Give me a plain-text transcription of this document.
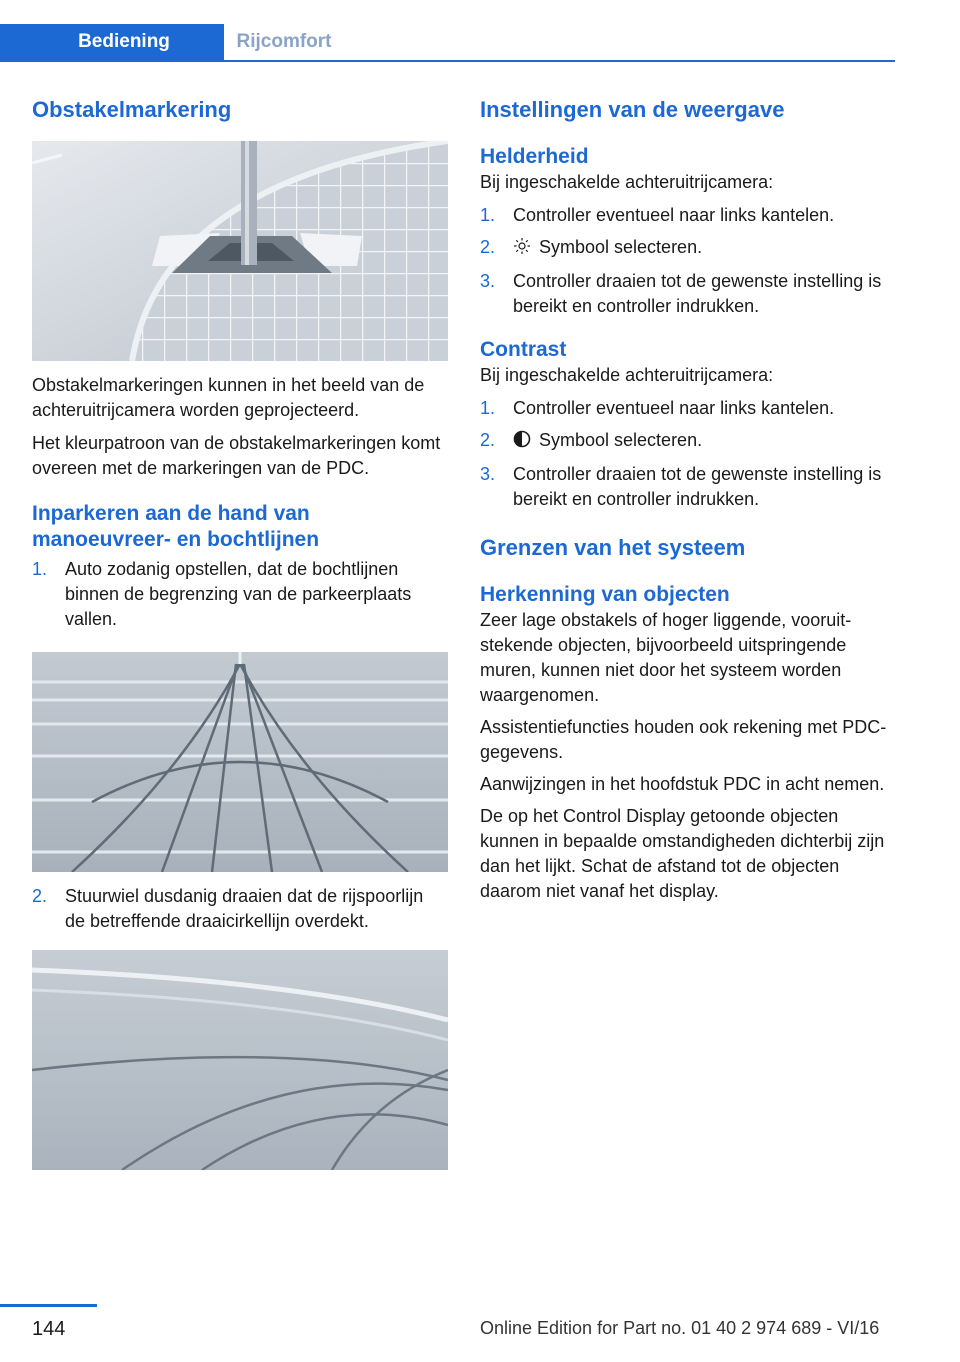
Bediening	Rijcomfort
Obstakelmarkering

Obstakelmarkeringen kunnen in het beeld van de achteruitrijcamera worden geprojecteerd.

Het kleurpatroon van de obstakelmarkeringen komt overeen met de markeringen van de PDC.

Inparkeren aan de hand van manoeuvreer- en bochtlijnen
1. Auto zodanig opstellen, dat de bochtlijnen binnen de begrenzing van de parkeerplaats vallen.
2. Stuurwiel dusdanig draaien dat de rijspoorlijn de betreffende draaicirkellijn overdekt.
Instellingen van de weergave
Helderheid

Bij ingeschakelde achteruitrijcamera:

1. Controller eventueel naar links kantelen.
2. Symbool selecteren.
3. Controller draaien tot de gewenste instelling is bereikt en controller indrukken.
Contrast

Bij ingeschakelde achteruitrijcamera:

1. Controller eventueel naar links kantelen.
2. Symbool selecteren.
3. Controller draaien tot de gewenste instelling is bereikt en controller indrukken.
Grenzen van het systeem
Herkenning van objecten

Zeer lage obstakels of hoger liggende, vooruitstekende objecten, bijvoorbeeld uitspringende muren, kunnen niet door het systeem worden waargenomen.

Assistentiefuncties houden ook rekening met PDC-gegevens.

Aanwijzingen in het hoofdstuk PDC in acht nemen.

De op het Control Display getoonde objecten kunnen in bepaalde omstandigheden dichterbij zijn dan het lijkt. Schat de afstand tot de objecten daarom niet vanaf het display.

144	Online Edition for Part no. 01 40 2 974 689 - VI/16
